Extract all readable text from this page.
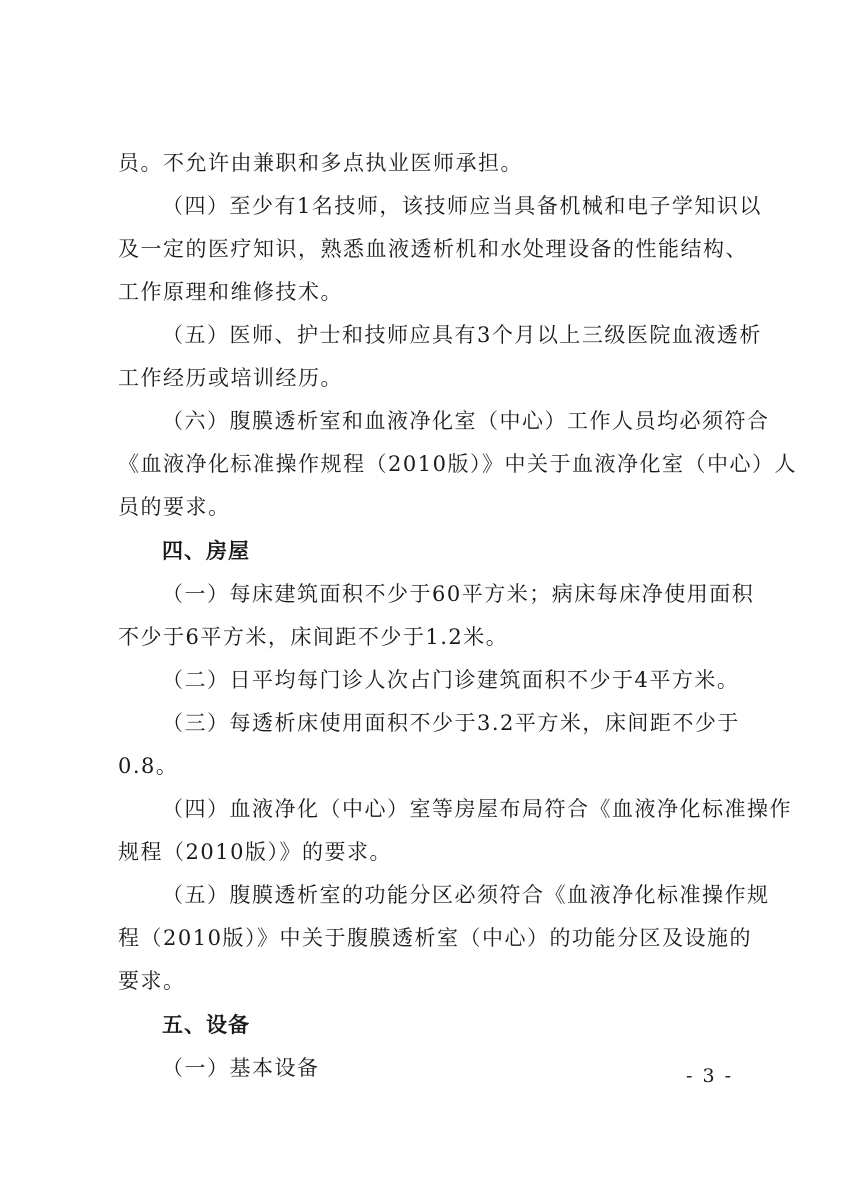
员。不允许由兼职和多点执业医师承担。
（四）至少有1名技师，该技师应当具备机械和电子学知识以
及一定的医疗知识，熟悉血液透析机和水处理设备的性能结构、
工作原理和维修技术。
（五）医师、护士和技师应具有3个月以上三级医院血液透析
工作经历或培训经历。
（六）腹膜透析室和血液净化室（中心）工作人员均必须符合
《血液净化标准操作规程（2010版）》中关于血液净化室（中心）人
员的要求。
四、房屋
（一）每床建筑面积不少于60平方米；病床每床净使用面积
不少于6平方米，床间距不少于1.2米。
（二）日平均每门诊人次占门诊建筑面积不少于4平方米。
（三）每透析床使用面积不少于3.2平方米，床间距不少于
0.8。
（四）血液净化（中心）室等房屋布局符合《血液净化标准操作
规程（2010版）》的要求。
（五）腹膜透析室的功能分区必须符合《血液净化标准操作规
程（2010版）》中关于腹膜透析室（中心）的功能分区及设施的
要求。
五、设备
（一）基本设备	- 3 -
